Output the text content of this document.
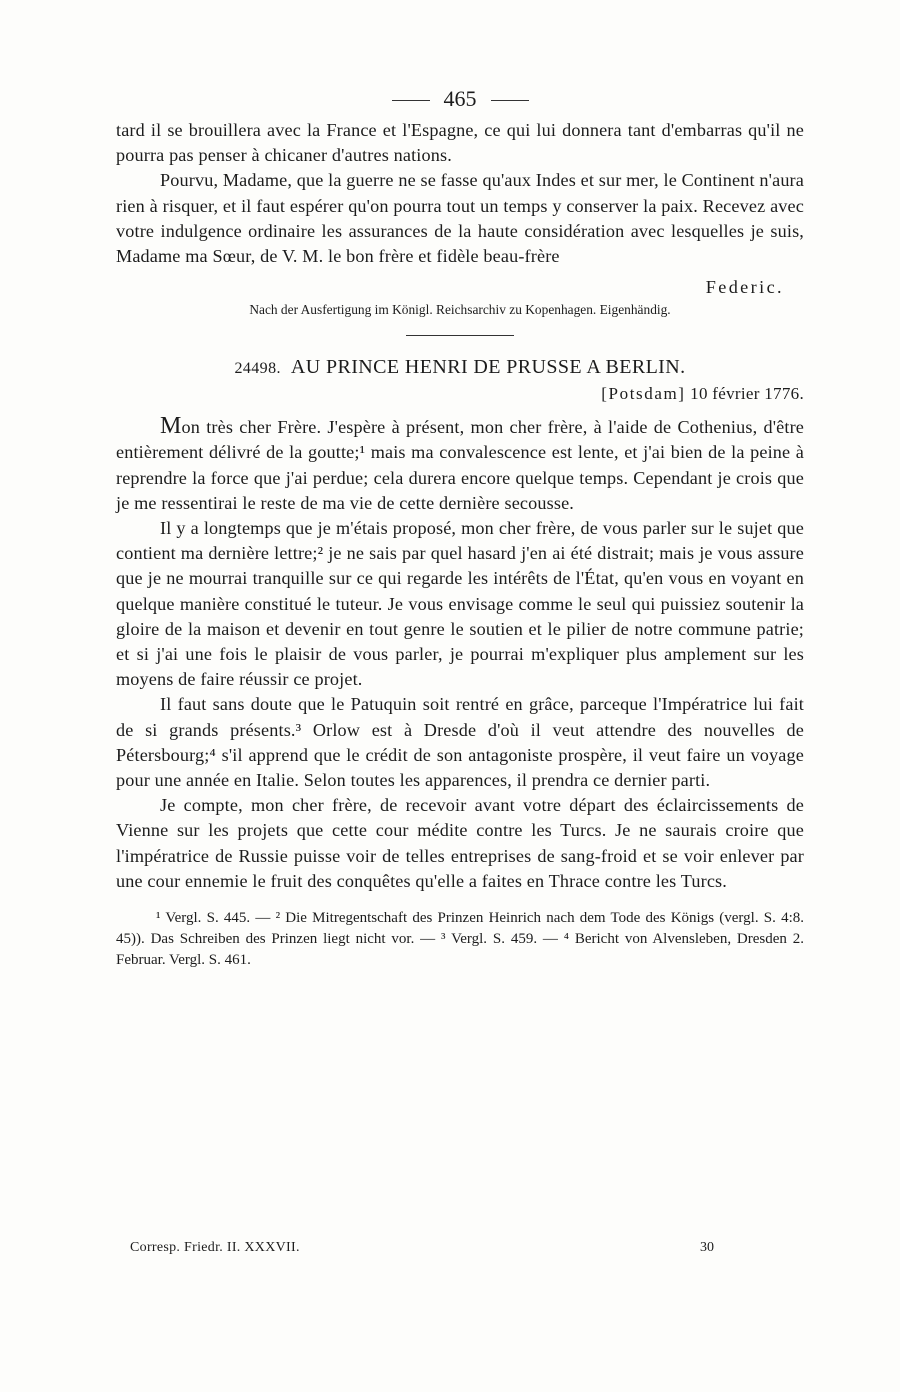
465

tard il se brouillera avec la France et l'Espagne, ce qui lui donnera tant d'embarras qu'il ne pourra pas penser à chicaner d'autres nations.

Pourvu, Madame, que la guerre ne se fasse qu'aux Indes et sur mer, le Continent n'aura rien à risquer, et il faut espérer qu'on pourra tout un temps y conserver la paix. Recevez avec votre indulgence ordinaire les assurances de la haute considération avec lesquelles je suis, Madame ma Sœur, de V. M. le bon frère et fidèle beau-frère

Federic.
Nach der Ausfertigung im Königl. Reichsarchiv zu Kopenhagen. Eigenhändig.
24498. AU PRINCE HENRI DE PRUSSE A BERLIN.
[Potsdam] 10 février 1776.

Mon très cher Frère. J'espère à présent, mon cher frère, à l'aide de Cothenius, d'être entièrement délivré de la goutte;¹ mais ma convalescence est lente, et j'ai bien de la peine à reprendre la force que j'ai perdue; cela durera encore quelque temps. Cependant je crois que je me ressentirai le reste de ma vie de cette dernière secousse.

Il y a longtemps que je m'étais proposé, mon cher frère, de vous parler sur le sujet que contient ma dernière lettre;² je ne sais par quel hasard j'en ai été distrait; mais je vous assure que je ne mourrai tranquille sur ce qui regarde les intérêts de l'État, qu'en vous en voyant en quelque manière constitué le tuteur. Je vous envisage comme le seul qui puissiez soutenir la gloire de la maison et devenir en tout genre le soutien et le pilier de notre commune patrie; et si j'ai une fois le plaisir de vous parler, je pourrai m'expliquer plus amplement sur les moyens de faire réussir ce projet.

Il faut sans doute que le Patuquin soit rentré en grâce, parceque l'Impératrice lui fait de si grands présents.³ Orlow est à Dresde d'où il veut attendre des nouvelles de Pétersbourg;⁴ s'il apprend que le crédit de son antagoniste prospère, il veut faire un voyage pour une année en Italie. Selon toutes les apparences, il prendra ce dernier parti.

Je compte, mon cher frère, de recevoir avant votre départ des éclaircissements de Vienne sur les projets que cette cour médite contre les Turcs. Je ne saurais croire que l'impératrice de Russie puisse voir de telles entreprises de sang-froid et se voir enlever par une cour ennemie le fruit des conquêtes qu'elle a faites en Thrace contre les Turcs.

¹ Vergl. S. 445. — ² Die Mitregentschaft des Prinzen Heinrich nach dem Tode des Königs (vergl. S. 4:8. 45)). Das Schreiben des Prinzen liegt nicht vor. — ³ Vergl. S. 459. — ⁴ Bericht von Alvensleben, Dresden 2. Februar. Vergl. S. 461.

Corresp. Friedr. II. XXXVII.	30
